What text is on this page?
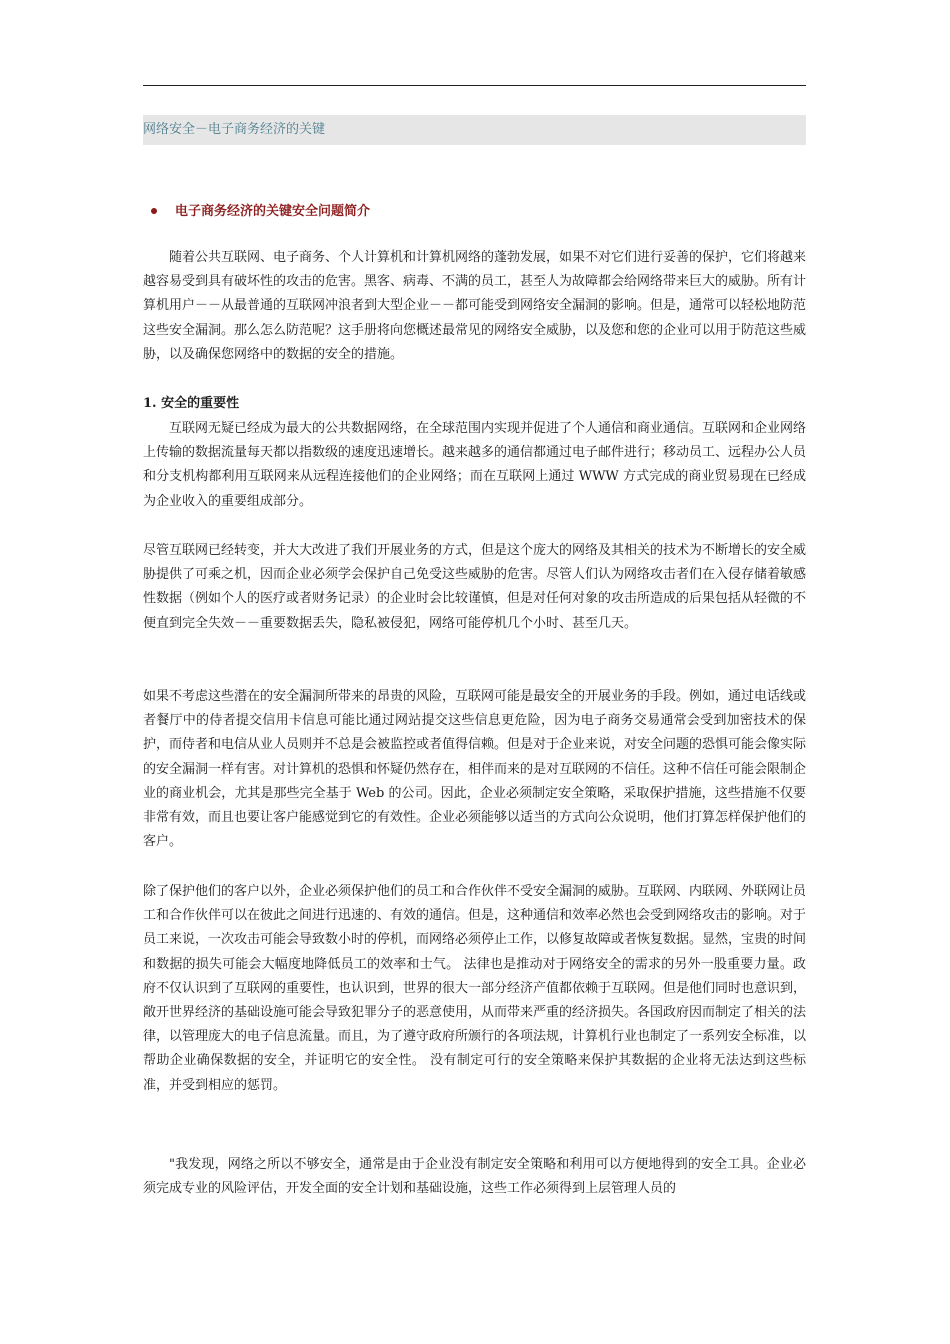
网络安全－电子商务经济的关键
电子商务经济的关键安全问题简介

随着公共互联网、电子商务、个人计算机和计算机网络的蓬勃发展，如果不对它们进行妥善的保护，它们将越来越容易受到具有破坏性的攻击的危害。黑客、病毒、不满的员工，甚至人为故障都会给网络带来巨大的威胁。所有计算机用户－－从最普通的互联网冲浪者到大型企业－－都可能受到网络安全漏洞的影响。但是，通常可以轻松地防范这些安全漏洞。那么怎么防范呢？这手册将向您概述最常见的网络安全威胁，以及您和您的企业可以用于防范这些威胁，以及确保您网络中的数据的安全的措施。

1. 安全的重要性

互联网无疑已经成为最大的公共数据网络，在全球范围内实现并促进了个人通信和商业通信。互联网和企业网络上传输的数据流量每天都以指数级的速度迅速增长。越来越多的通信都通过电子邮件进行；移动员工、远程办公人员和分支机构都利用互联网来从远程连接他们的企业网络；而在互联网上通过 WWW 方式完成的商业贸易现在已经成为企业收入的重要组成部分。

尽管互联网已经转变，并大大改进了我们开展业务的方式，但是这个庞大的网络及其相关的技术为不断增长的安全威胁提供了可乘之机，因而企业必须学会保护自己免受这些威胁的危害。尽管人们认为网络攻击者们在入侵存储着敏感性数据（例如个人的医疗或者财务记录）的企业时会比较谨慎，但是对任何对象的攻击所造成的后果包括从轻微的不便直到完全失效－－重要数据丢失，隐私被侵犯，网络可能停机几个小时、甚至几天。

如果不考虑这些潜在的安全漏洞所带来的昂贵的风险，互联网可能是最安全的开展业务的手段。例如，通过电话线或者餐厅中的侍者提交信用卡信息可能比通过网站提交这些信息更危险，因为电子商务交易通常会受到加密技术的保护，而侍者和电信从业人员则并不总是会被监控或者值得信赖。但是对于企业来说，对安全问题的恐惧可能会像实际的安全漏洞一样有害。对计算机的恐惧和怀疑仍然存在，相伴而来的是对互联网的不信任。这种不信任可能会限制企业的商业机会，尤其是那些完全基于 Web 的公司。因此，企业必须制定安全策略，采取保护措施，这些措施不仅要非常有效，而且也要让客户能感觉到它的有效性。企业必须能够以适当的方式向公众说明，他们打算怎样保护他们的客户。

除了保护他们的客户以外，企业必须保护他们的员工和合作伙伴不受安全漏洞的威胁。互联网、内联网、外联网让员工和合作伙伴可以在彼此之间进行迅速的、有效的通信。但是，这种通信和效率必然也会受到网络攻击的影响。对于员工来说，一次攻击可能会导致数小时的停机，而网络必须停止工作，以修复故障或者恢复数据。显然，宝贵的时间和数据的损失可能会大幅度地降低员工的效率和士气。 法律也是推动对于网络安全的需求的另外一股重要力量。政府不仅认识到了互联网的重要性，也认识到，世界的很大一部分经济产值都依赖于互联网。但是他们同时也意识到，敞开世界经济的基础设施可能会导致犯罪分子的恶意使用，从而带来严重的经济损失。各国政府因而制定了相关的法律，以管理庞大的电子信息流量。而且，为了遵守政府所颁行的各项法规，计算机行业也制定了一系列安全标准，以帮助企业确保数据的安全，并证明它的安全性。 没有制定可行的安全策略来保护其数据的企业将无法达到这些标准，并受到相应的惩罚。

"我发现，网络之所以不够安全，通常是由于企业没有制定安全策略和利用可以方便地得到的安全工具。企业必须完成专业的风险评估，开发全面的安全计划和基础设施，这些工作必须得到上层管理人员的
